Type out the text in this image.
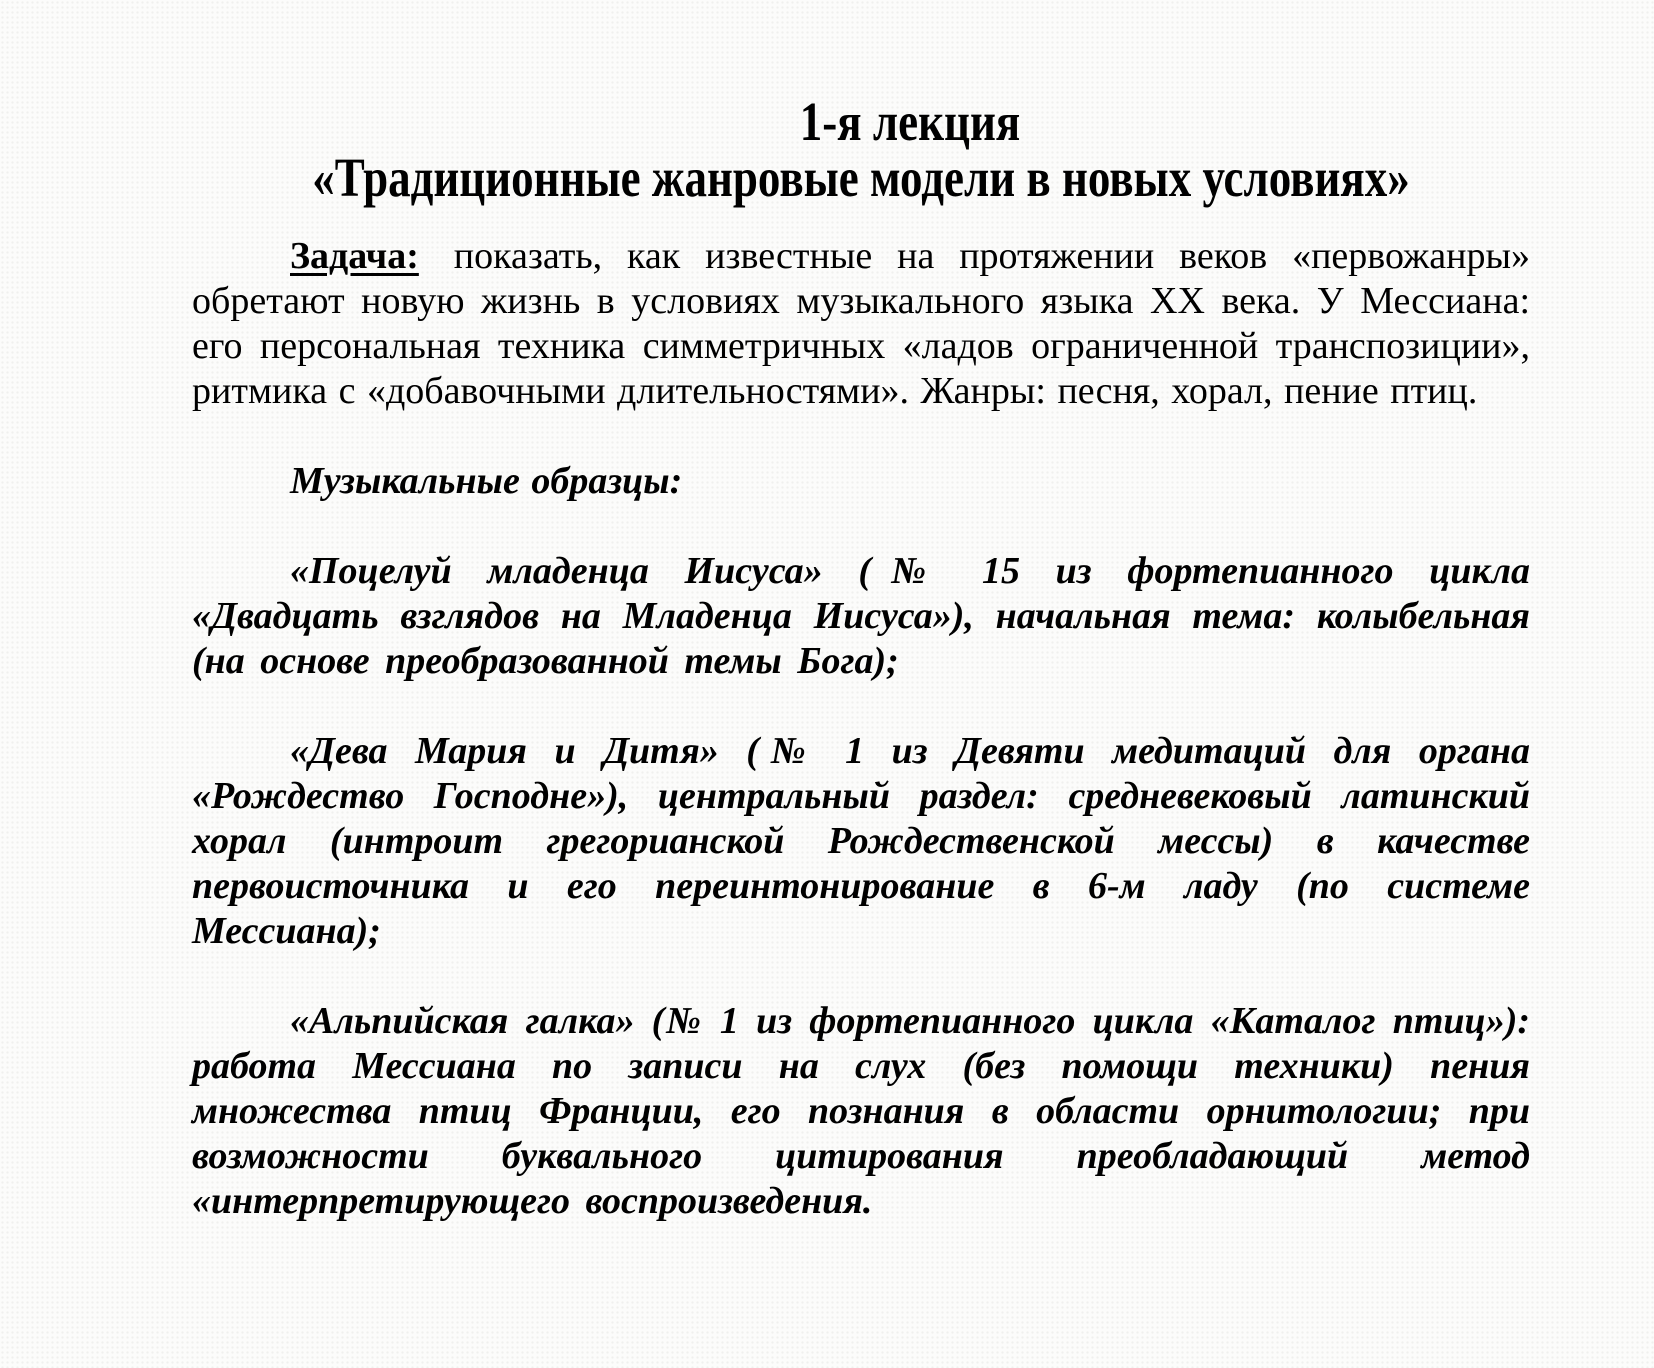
1-я лекция
«Традиционные жанровые модели в новых условиях»

Задача: показать, как известные на протяжении веков «первожанры» обретают новую жизнь в условиях музыкального языка ХХ века. У Мессиана: его персональная техника симметричных «ладов ограниченной транспозиции», ритмика с «добавочными длительностями». Жанры: песня, хорал, пение птиц.

Музыкальные образцы:

«Поцелуй младенца Иисуса» (№ 15 из фортепианного цикла «Двадцать взглядов на Младенца Иисуса»), начальная тема: колыбельная (на основе преобразованной темы Бога);

«Дева Мария и Дитя» (№ 1 из Девяти медитаций для органа «Рождество Господне»), центральный раздел: средневековый латинский хорал (интроит грегорианской Рождественской мессы) в качестве первоисточника и его переинтонирование в 6-м ладу (по системе Мессиана);

«Альпийская галка» (№ 1 из фортепианного цикла «Каталог птиц»): работа Мессиана по записи на слух (без помощи техники) пения множества птиц Франции, его познания в области орнитологии; при возможности буквального цитирования преобладающий метод «интерпретирующего воспроизведения.
